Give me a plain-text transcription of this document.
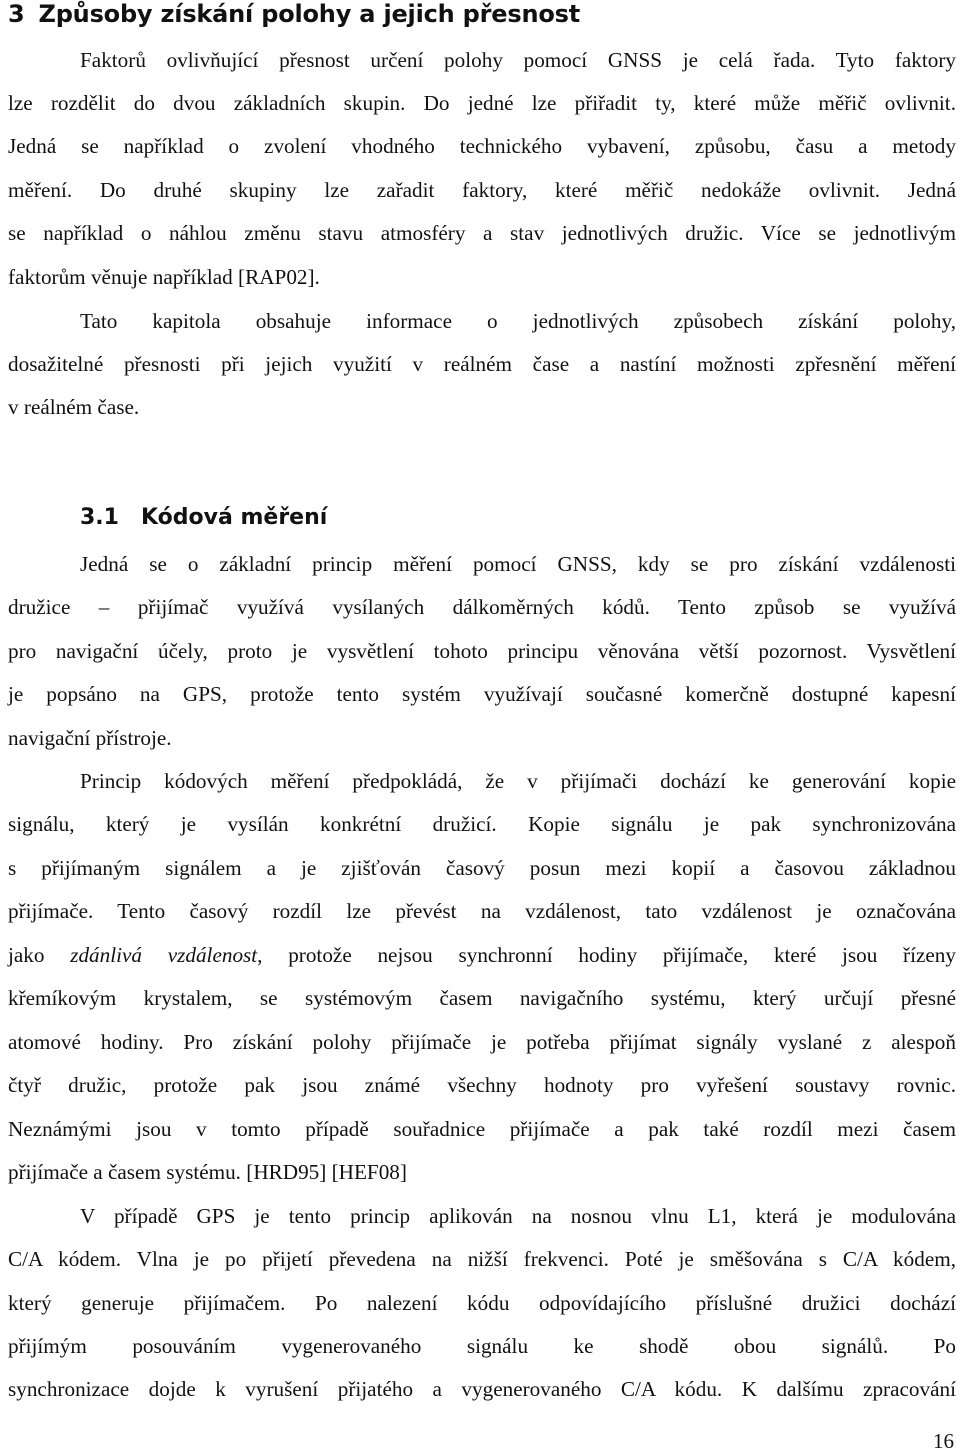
3 Způsoby získání polohy a jejich přesnost
Faktorů ovlivňující přesnost určení polohy pomocí GNSS je celá řada. Tyto faktory
lze rozdělit do dvou základních skupin. Do jedné lze přiřadit ty, které může měřič ovlivnit.
Jedná se například o zvolení vhodného technického vybavení, způsobu, času a metody
měření. Do druhé skupiny lze zařadit faktory, které měřič nedokáže ovlivnit. Jedná
se například o náhlou změnu stavu atmosféry a stav jednotlivých družic. Více se jednotlivým
faktorům věnuje například [RAP02].
Tato kapitola obsahuje informace o jednotlivých způsobech získání polohy,
dosažitelné přesnosti při jejich využití v reálném čase a nastíní možnosti zpřesnění měření
v reálném čase.
3.1 Kódová měření
Jedná se o základní princip měření pomocí GNSS, kdy se pro získání vzdálenosti
družice – přijímač využívá vysílaných dálkoměrných kódů. Tento způsob se využívá
pro navigační účely, proto je vysvětlení tohoto principu věnována větší pozornost. Vysvětlení
je popsáno na GPS, protože tento systém využívají současné komerčně dostupné kapesní
navigační přístroje.
Princip kódových měření předpokládá, že v přijímači dochází ke generování kopie
signálu, který je vysílán konkrétní družicí. Kopie signálu je pak synchronizována
s přijímaným signálem a je zjišťován časový posun mezi kopií a časovou základnou
přijímače. Tento časový rozdíl lze převést na vzdálenost, tato vzdálenost je označována
jako zdánlivá vzdálenost, protože nejsou synchronní hodiny přijímače, které jsou řízeny
křemíkovým krystalem, se systémovým časem navigačního systému, který určují přesné
atomové hodiny. Pro získání polohy přijímače je potřeba přijímat signály vyslané z alespoň
čtyř družic, protože pak jsou známé všechny hodnoty pro vyřešení soustavy rovnic.
Neznámými jsou v tomto případě souřadnice přijímače a pak také rozdíl mezi časem
přijímače a časem systému. [HRD95] [HEF08]
V případě GPS je tento princip aplikován na nosnou vlnu L1, která je modulována
C/A kódem. Vlna je po přijetí převedena na nižší frekvenci. Poté je směšována s C/A kódem,
který generuje přijímačem. Po nalezení kódu odpovídajícího příslušné družici dochází
přijímým posouváním vygenerovaného signálu ke shodě obou signálů. Po
synchronizace dojde k vyrušení přijatého a vygenerovaného C/A kódu. K dalšímu zpracování
16
